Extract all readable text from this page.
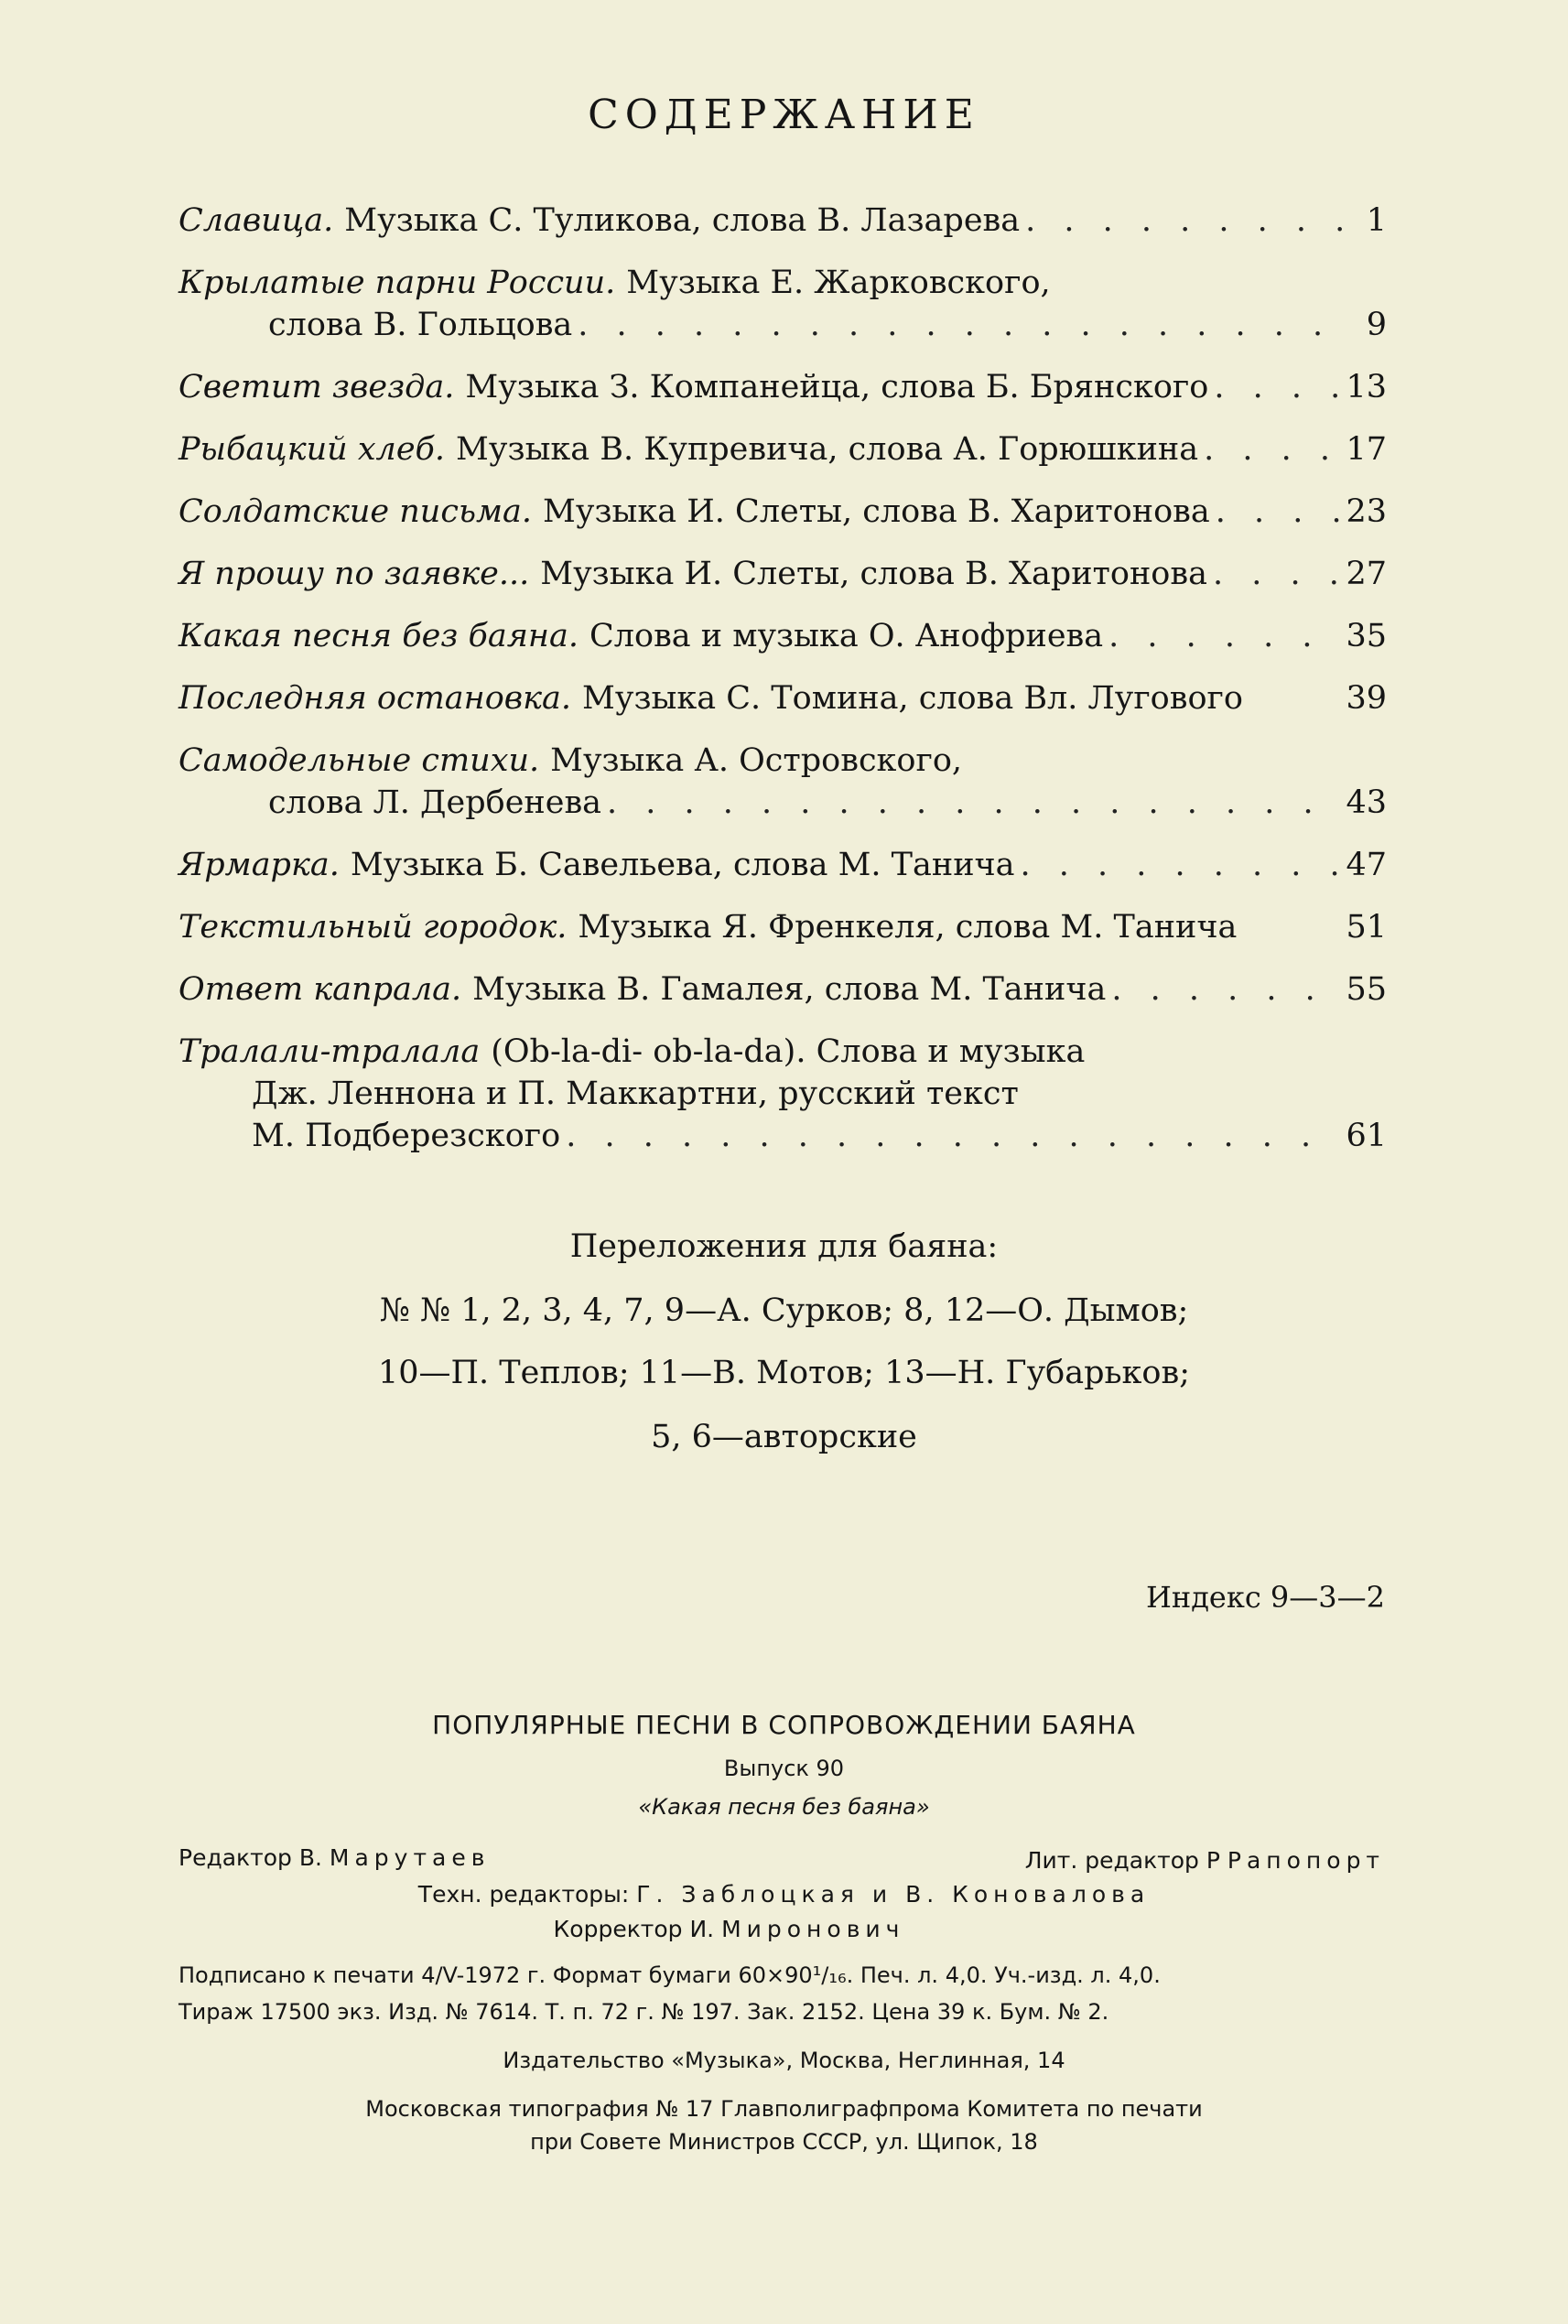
СОДЕРЖАНИЕ
Славица. Музыка С. Туликова, слова В. Лазарева . . .	1
Крылатые парни России. Музыка Е. Жарковского,
слова В. Гольцова . . .	9
Светит звезда. Музыка З. Компанейца, слова Б. Брянского . . .	13
Рыбацкий хлеб. Музыка В. Купревича, слова А. Горюшкина . . .	17
Солдатские письма. Музыка И. Слеты, слова В. Харитонова . . .	23
Я прошу по заявке... Музыка И. Слеты, слова В. Харитонова . . .	27
Какая песня без баяна. Слова и музыка О. Анофриева . . .	35
Последняя остановка. Музыка С. Томина, слова Вл. Лугового	39
Самодельные стихи. Музыка А. Островского,
слова Л. Дербенева . . .	43
Ярмарка. Музыка Б. Савельева, слова М. Танича . . .	47
Текстильный городок. Музыка Я. Френкеля, слова М. Танича	51
Ответ капрала. Музыка В. Гамалея, слова М. Танича . . .	55
Тралали-тралала (Ob-la-di- ob-la-da). Слова и музыка
Дж. Леннона и П. Маккартни, русский текст
М. Подберезского . . .	61
Переложения для баяна:
№ № 1, 2, 3, 4, 7, 9—А. Сурков; 8, 12—О. Дымов;
10—П. Теплов; 11—В. Мотов; 13—Н. Губарьков;
5, 6—авторские
Индекс 9—3—2
ПОПУЛЯРНЫЕ ПЕСНИ В СОПРОВОЖДЕНИИ БАЯНА
Выпуск 90
«Какая песня без баяна»
Редактор В. Марутаев	Лит. редактор Р Рапопорт
Техн. редакторы: Г. Заблоцкая и В. Коновалова
Корректор И. Миронович
Подписано к печати 4/V-1972 г. Формат бумаги 60×90¹/₁₆. Печ. л. 4,0. Уч.-изд. л. 4,0.
Тираж 17500 экз. Изд. № 7614. Т. п. 72 г. № 197. Зак. 2152. Цена 39 к. Бум. № 2.
Издательство «Музыка», Москва, Неглинная, 14
Московская типография № 17 Главполиграфпрома Комитета по печати
при Совете Министров СССР, ул. Щипок, 18
